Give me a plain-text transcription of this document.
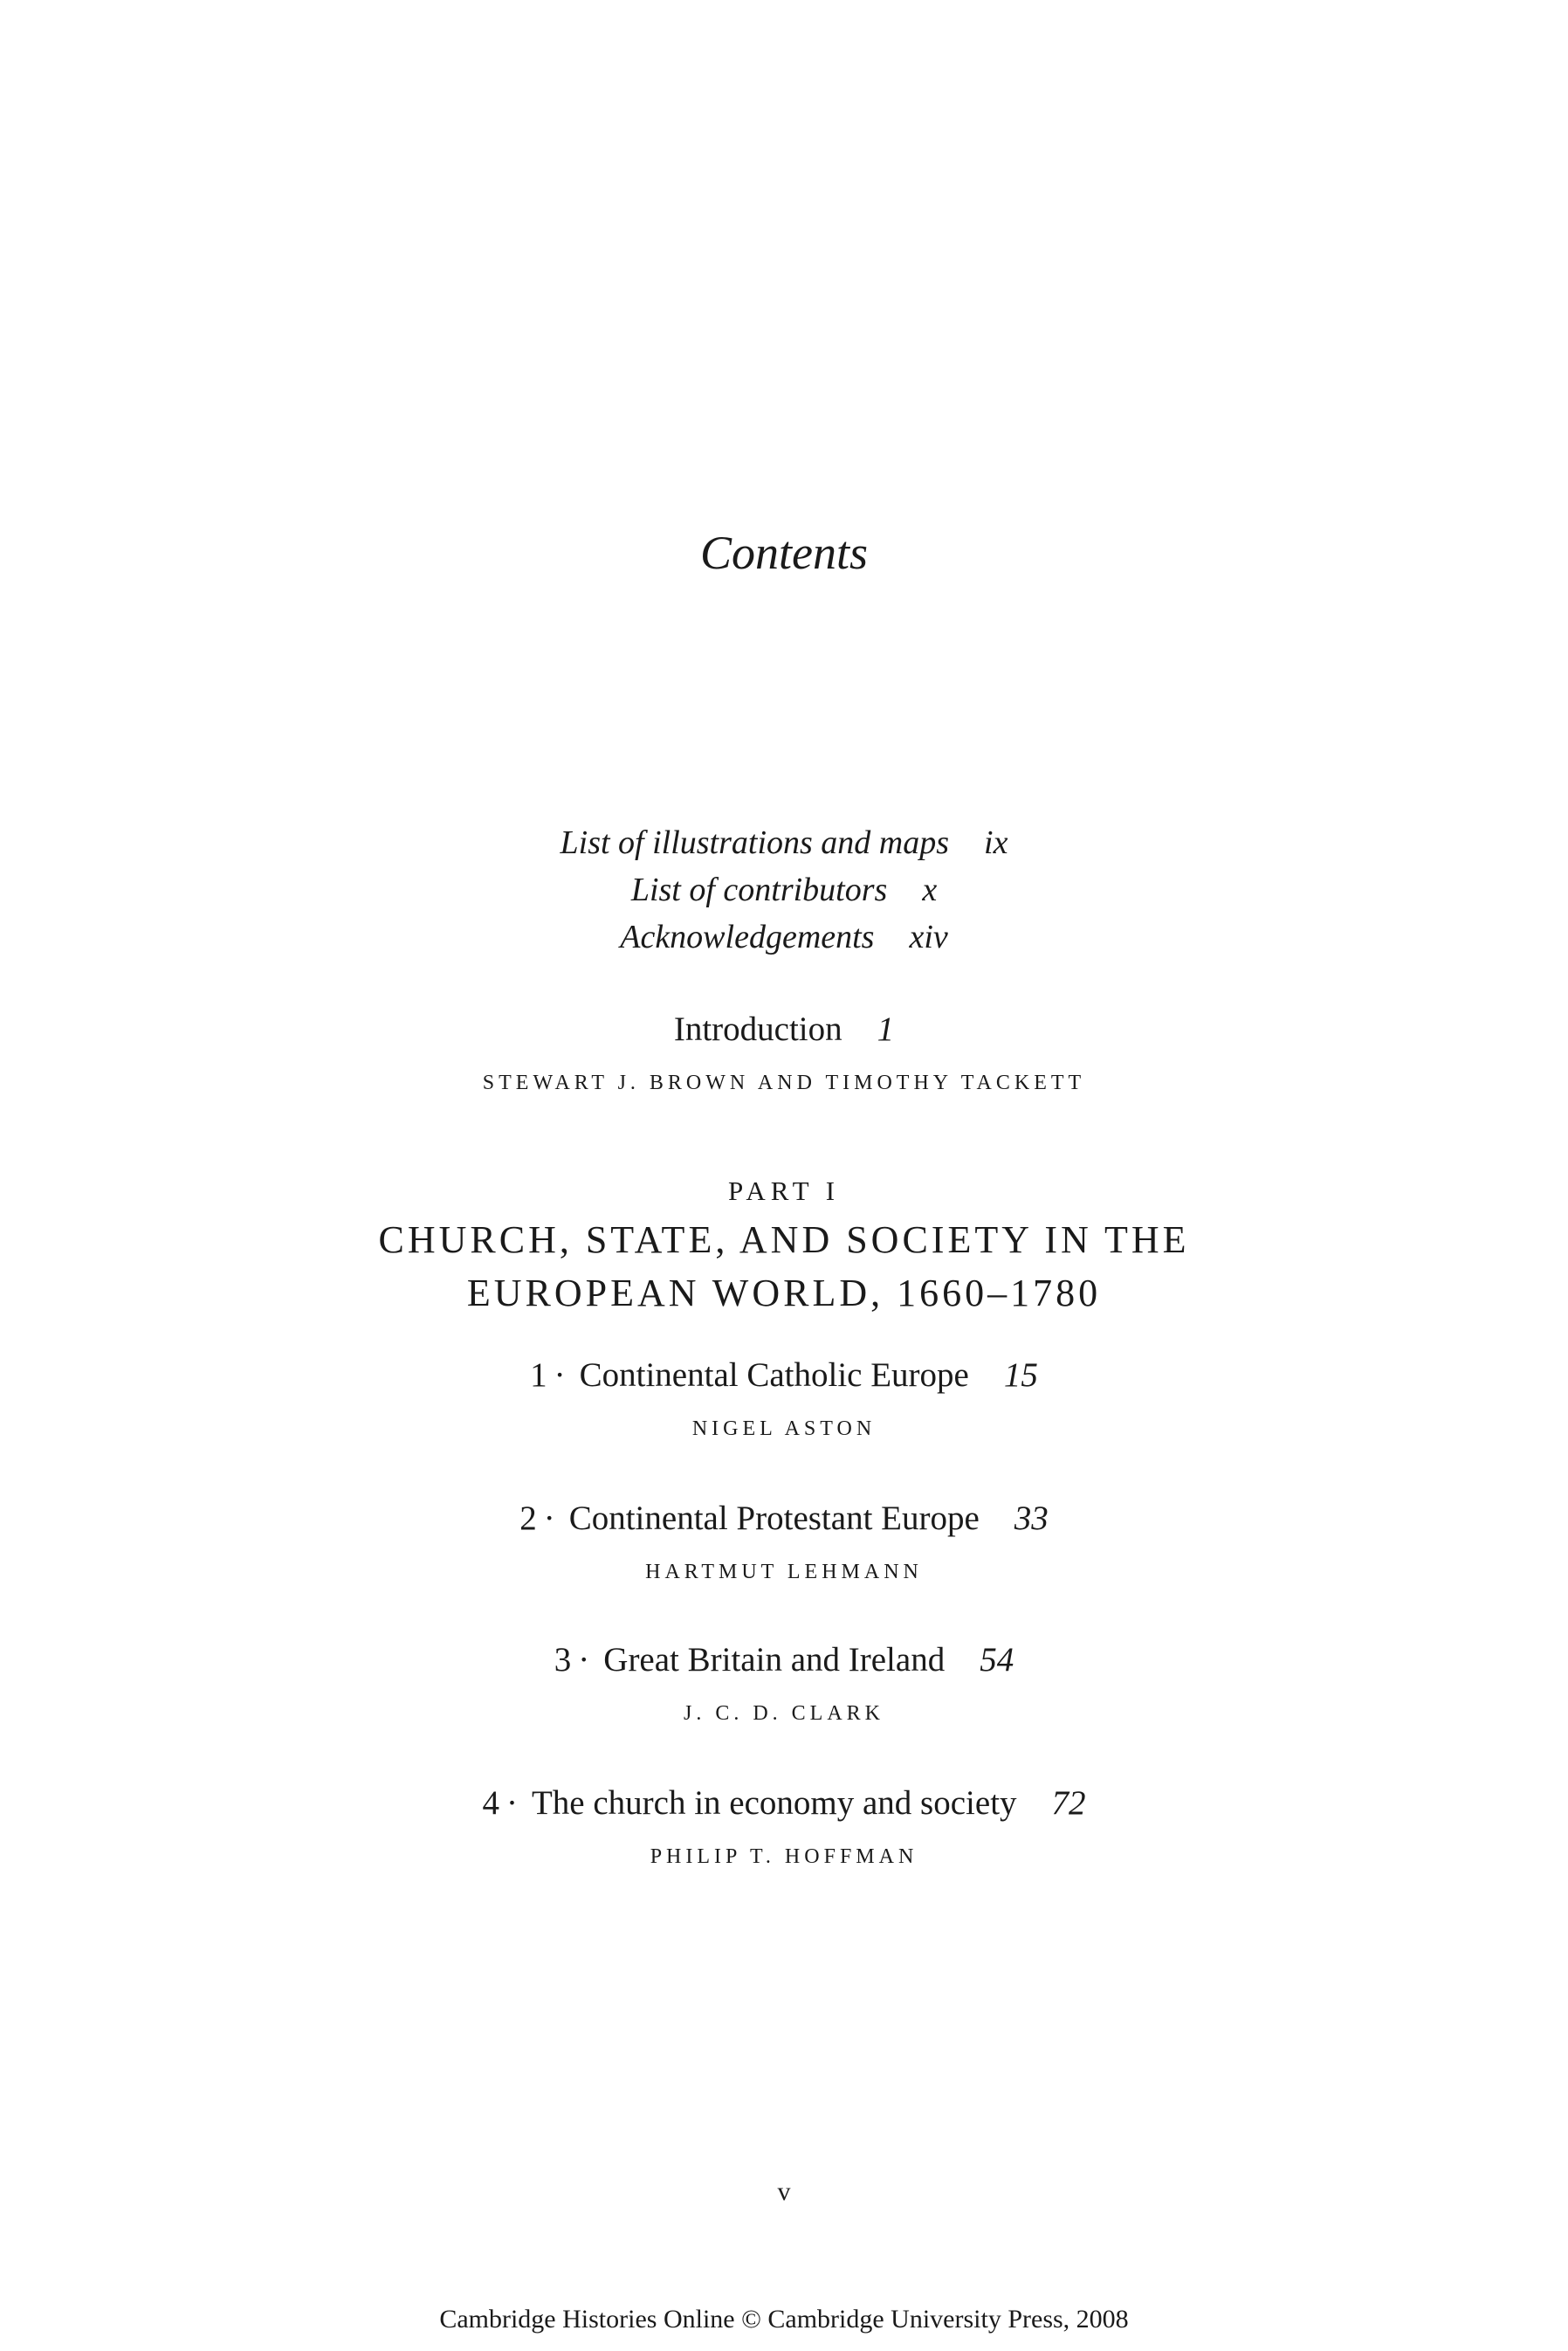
Contents
List of illustrations and maps ix
List of contributors x
Acknowledgements xiv
Introduction 1
STEWART J. BROWN AND TIMOTHY TACKETT
PART I
CHURCH, STATE, AND SOCIETY IN THE
EUROPEAN WORLD, 1660–1780
1 · Continental Catholic Europe 15
NIGEL ASTON
2 · Continental Protestant Europe 33
HARTMUT LEHMANN
3 · Great Britain and Ireland 54
J. C. D. CLARK
4 · The church in economy and society 72
PHILIP T. HOFFMAN
v
Cambridge Histories Online © Cambridge University Press, 2008
